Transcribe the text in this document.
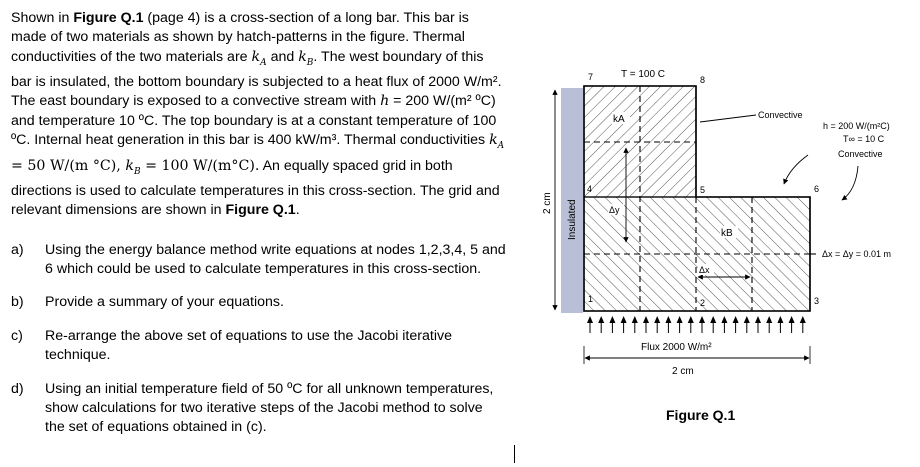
Shown in Figure Q.1 (page 4) is a cross-section of a long bar. This bar is made of two materials as shown by hatch-patterns in the figure. Thermal conductivities of the two materials are $k_A$ and $k_B$. The west boundary of this bar is insulated, the bottom boundary is subjected to a heat flux of 2000 W/m². The east boundary is exposed to a convective stream with h = 200 W/(m² ºC) and temperature 10 ºC. The top boundary is at a constant temperature of 100 ºC. Internal heat generation in this bar is 400 kW/m³. Thermal conductivities $k_A = 50$ W/(m °C), $k_B = 100$ W/(m°C). An equally spaced grid in both directions is used to calculate temperatures in this cross-section. The grid and relevant dimensions are shown in Figure Q.1.

a) Using the energy balance method write equations at nodes 1,2,3,4, 5 and 6 which could be used to calculate temperatures in this cross-section.
b) Provide a summary of your equations.
c) Re-arrange the above set of equations to use the Jacobi iterative technique.
d) Using an initial temperature field of 50 ºC for all unknown temperatures, show calculations for two iterative steps of the Jacobi method to solve the set of equations obtained in (c).
Insulated
1	2	3
4	5	6
7	8
kA
kB
T = 100 C
Δy
Δx
2 cm
Flux 2000 W/m²
2 cm
Convective
h = 200 W/(m²C)
T∞ = 10 C
Convective
Δx = Δy = 0.01 m
Figure Q.1
